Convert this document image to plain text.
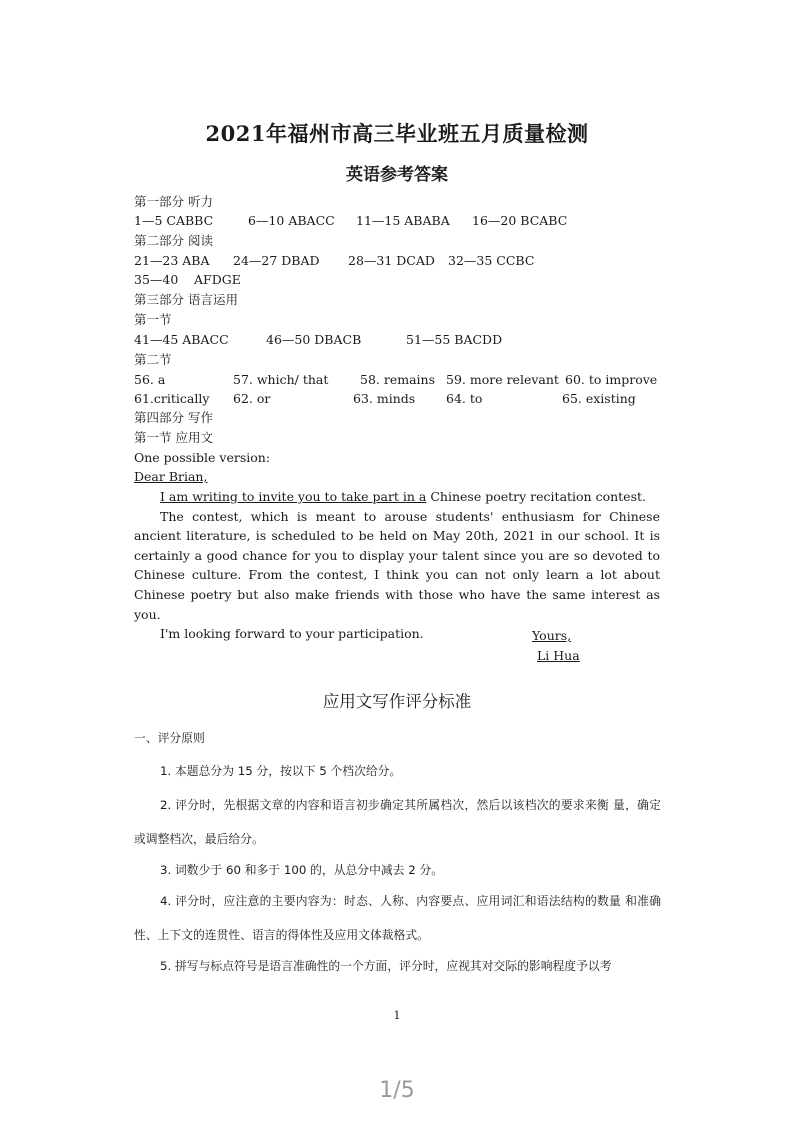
2021年福州市高三毕业班五月质量检测
英语参考答案
第一部分 听力
1—5 CABBC	6—10 ABACC 11—15 ABABA 16—20 BCABC
第二部分 阅读
21—23 ABA 24—27 DBAD 28—31 DCAD 32—35 CCBC
35—40 AFDGE
第三部分 语言运用
第一节
41—45 ABACC	46—50 DBACB	51—55 BACDD
第二节
56. a	57. which/ that	58. remains 59. more relevant 60. to improve
61.critically 62. or	63. minds 64. to	65. existing
第四部分 写作
第一节 应用文
One possible version:
Dear Brian,

I am writing to invite you to take part in a Chinese poetry recitation contest.

The contest, which is meant to arouse students' enthusiasm for Chinese ancient literature, is scheduled to be held on May 20th, 2021 in our school. It is certainly a good chance for you to display your talent since you are so devoted to Chinese culture. From the contest, I think you can not only learn a lot about Chinese poetry but also make friends with those who have the same interest as you.

I'm looking forward to your participation.	Yours,
Li Hua
应用文写作评分标准
一、评分原则
1. 本题总分为 15 分，按以下 5 个档次给分。
2. 评分时，先根据文章的内容和语言初步确定其所属档次，然后以该档次的要求来衡 量，确定或调整档次，最后给分。
3. 词数少于 60 和多于 100 的，从总分中减去 2 分。
4. 评分时，应注意的主要内容为：时态、人称、内容要点、应用词汇和语法结构的数量 和准确性、上下文的连贯性、语言的得体性及应用文体裁格式。
5. 拼写与标点符号是语言准确性的一个方面，评分时，应视其对交际的影响程度予以考
1
1/5
